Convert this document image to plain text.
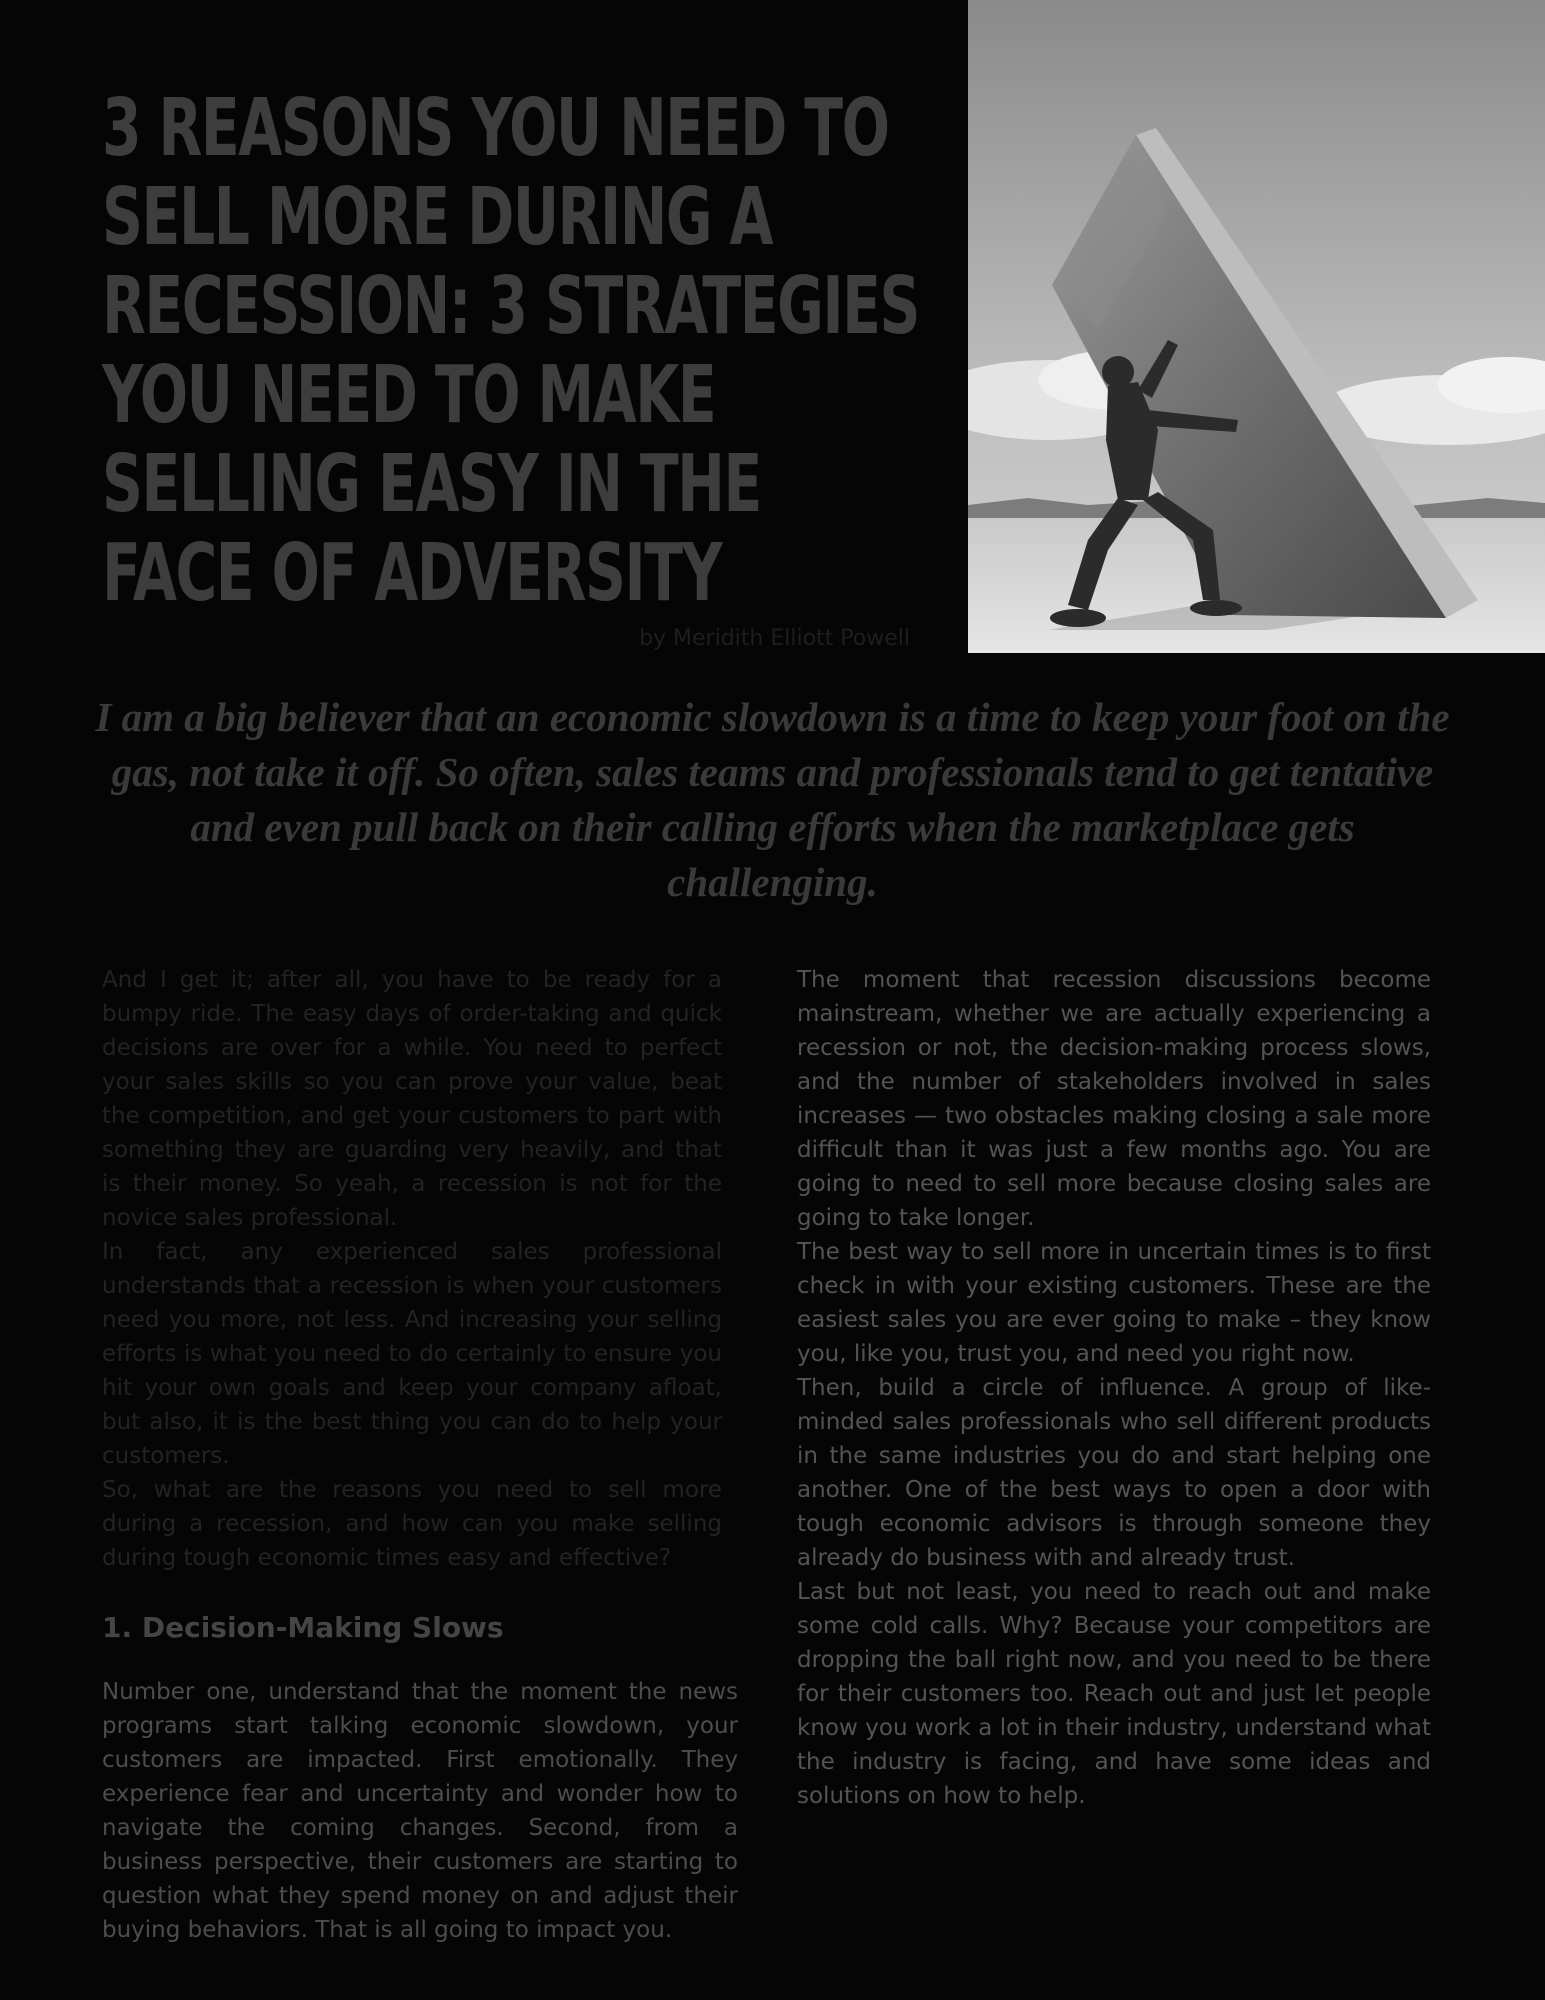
3 REASONS YOU NEED TO SELL MORE DURING A RECESSION: 3 STRATEGIES YOU NEED TO MAKE SELLING EASY IN THE FACE OF ADVERSITY
by Meridith Elliott Powell

I am a big believer that an economic slowdown is a time to keep your foot on the gas, not take it off. So often, sales teams and professionals tend to get tentative and even pull back on their calling efforts when the marketplace gets challenging.

And I get it; after all, you have to be ready for a bumpy ride. The easy days of order-taking and quick decisions are over for a while. You need to perfect your sales skills so you can prove your value, beat the competition, and get your customers to part with something they are guarding very heavily, and that is their money. So yeah, a recession is not for the novice sales professional.

In fact, any experienced sales professional understands that a recession is when your customers need you more, not less. And increasing your selling efforts is what you need to do certainly to ensure you hit your own goals and keep your company afloat, but also, it is the best thing you can do to help your customers.

So, what are the reasons you need to sell more during a recession, and how can you make selling during tough economic times easy and effective?

1. Decision-Making Slows

Number one, understand that the moment the news programs start talking economic slowdown, your customers are impacted. First emotionally. They experience fear and uncertainty and wonder how to navigate the coming changes. Second, from a business perspective, their customers are starting to question what they spend money on and adjust their buying behaviors. That is all going to impact you.

The moment that recession discussions become mainstream, whether we are actually experiencing a recession or not, the decision-making process slows, and the number of stakeholders involved in sales increases — two obstacles making closing a sale more difficult than it was just a few months ago. You are going to need to sell more because closing sales are going to take longer.

The best way to sell more in uncertain times is to first check in with your existing customers. These are the easiest sales you are ever going to make – they know you, like you, trust you, and need you right now.

Then, build a circle of influence. A group of like-minded sales professionals who sell different products in the same industries you do and start helping one another. One of the best ways to open a door with tough economic advisors is through someone they already do business with and already trust.

Last but not least, you need to reach out and make some cold calls. Why? Because your competitors are dropping the ball right now, and you need to be there for their customers too. Reach out and just let people know you work a lot in their industry, understand what the industry is facing, and have some ideas and solutions on how to help.
